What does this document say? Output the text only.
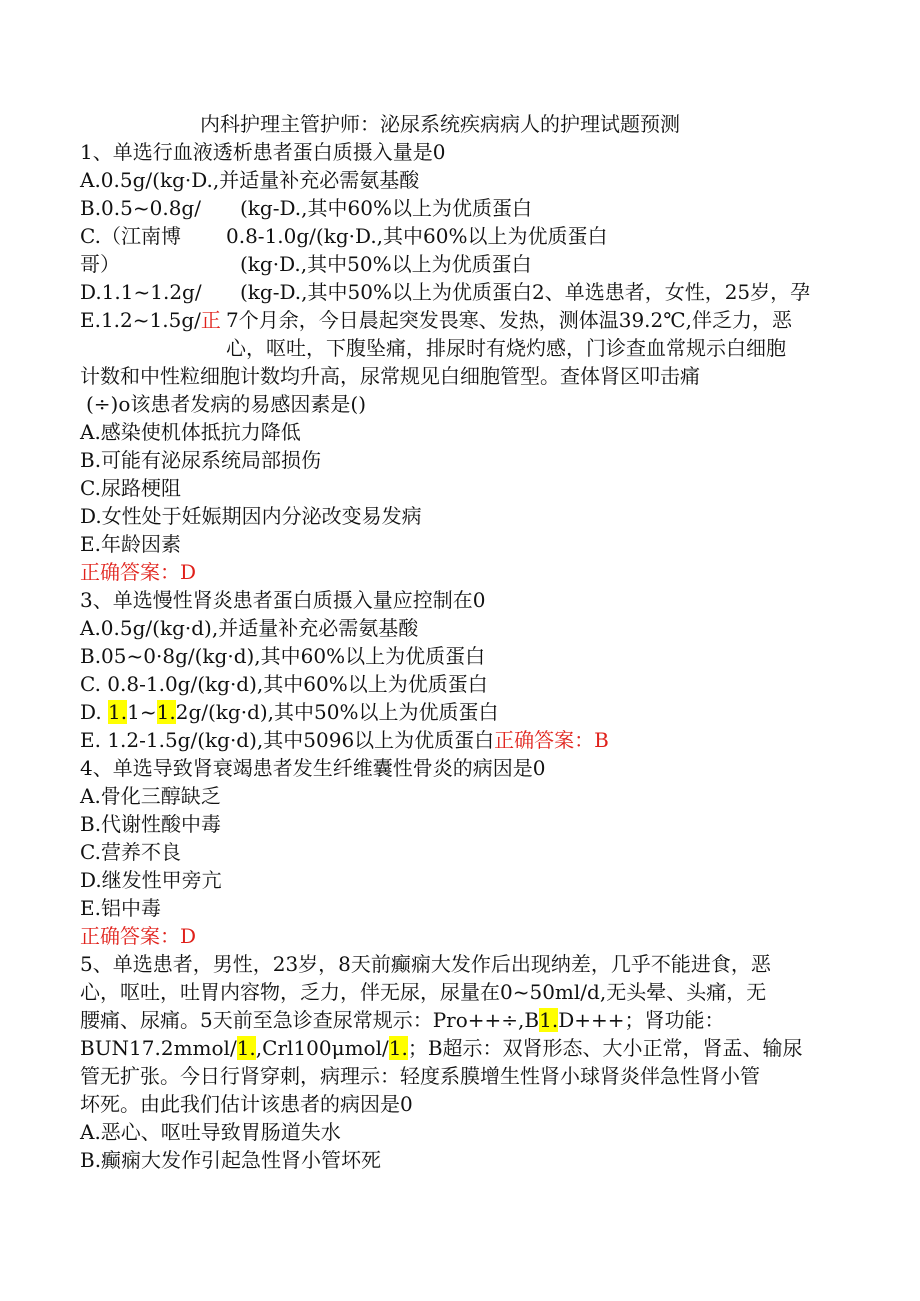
内科护理主管护师：泌尿系统疾病病人的护理试题预测
1、单选行血液透析患者蛋白质摄入量是0
A.0.5g/(kg·D.,并适量补充必需氨基酸
B.0.5~0.8g/ (kg-D.,其中60%以上为优质蛋白
C.（江南博 0.8-1.0g/(kg·D.,其中60%以上为优质蛋白
哥）	(kg·D.,其中50%以上为优质蛋白
D.1.1~1.2g/ (kg-D.,其中50%以上为优质蛋白2、单选患者，女性，25岁，孕
E.1.2~1.5g/正 7个月余，今日晨起突发畏寒、发热，测体温39.2℃,伴乏力，恶
心，呕吐，下腹坠痛，排尿时有烧灼感，门诊查血常规示白细胞
计数和中性粒细胞计数均升高，尿常规见白细胞管型。查体肾区叩击痛
(÷)o该患者发病的易感因素是()
A.感染使机体抵抗力降低
B.可能有泌尿系统局部损伤
C.尿路梗阻
D.女性处于妊娠期因内分泌改变易发病
E.年龄因素
正确答案：D
3、单选慢性肾炎患者蛋白质摄入量应控制在0
A.0.5g/(kg·d),并适量补充必需氨基酸
B.05~0·8g/(kg·d),其中60%以上为优质蛋白
C. 0.8-1.0g/(kg·d),其中60%以上为优质蛋白
D. 1.1~1.2g/(kg·d),其中50%以上为优质蛋白
E. 1.2-1.5g/(kg·d),其中5096以上为优质蛋白正确答案：B
4、单选导致肾衰竭患者发生纤维囊性骨炎的病因是0
A.骨化三醇缺乏
B.代谢性酸中毒
C.营养不良
D.继发性甲旁亢
E.铝中毒
正确答案：D
5、单选患者，男性，23岁，8天前癫痫大发作后出现纳差，几乎不能进食，恶
心，呕吐，吐胃内容物，乏力，伴无尿，尿量在0~50ml/d,无头晕、头痛，无
腰痛、尿痛。5天前至急诊查尿常规示：Pro++÷,B1.D+++；肾功能：
BUN17.2mmol/1.,Crl100μmol/1.；B超示：双肾形态、大小正常，肾盂、输尿
管无扩张。今日行肾穿刺，病理示：轻度系膜增生性肾小球肾炎伴急性肾小管
坏死。由此我们估计该患者的病因是0
A.恶心、呕吐导致胃肠道失水
B.癫痫大发作引起急性肾小管坏死
